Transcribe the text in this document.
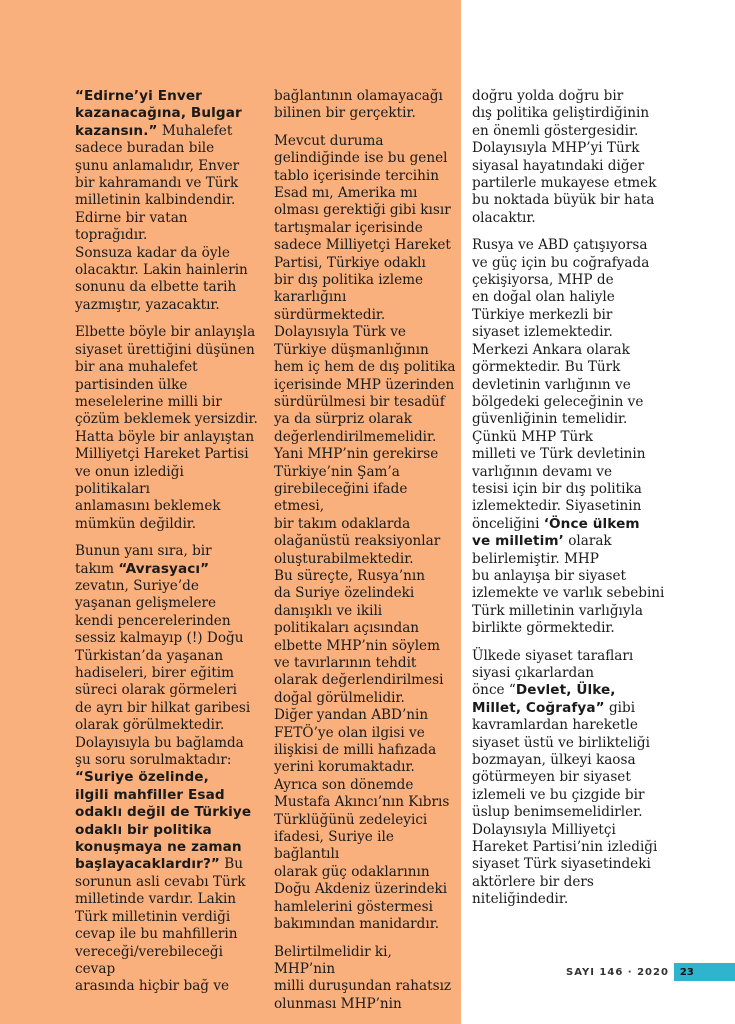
“Edirne’yi Enver
kazanacağına, Bulgar
kazansın.” Muhalefet
sadece buradan bile
şunu anlamalıdır, Enver
bir kahramandı ve Türk
milletinin kalbindendir.
Edirne bir vatan toprağıdır.
Sonsuza kadar da öyle
olacaktır. Lakin hainlerin
sonunu da elbette tarih
yazmıştır, yazacaktır.

Elbette böyle bir anlayışla
siyaset ürettiğini düşünen
bir ana muhalefet
partisinden ülke
meselelerine milli bir
çözüm beklemek yersizdir.
Hatta böyle bir anlayıştan
Milliyetçi Hareket Partisi
ve onun izlediği politikaları
anlamasını beklemek
mümkün değildir.

Bunun yanı sıra, bir
takım “Avrasyacı”
zevatın, Suriye’de
yaşanan gelişmelere
kendi pencerelerinden
sessiz kalmayıp (!) Doğu
Türkistan’da yaşanan
hadiseleri, birer eğitim
süreci olarak görmeleri
de ayrı bir hilkat garibesi
olarak görülmektedir.
Dolayısıyla bu bağlamda
şu soru sorulmaktadır:
“Suriye özelinde,
ilgili mahfiller Esad
odaklı değil de Türkiye
odaklı bir politika
konuşmaya ne zaman
başlayacaklardır?” Bu
sorunun asli cevabı Türk
milletinde vardır. Lakin
Türk milletinin verdiği
cevap ile bu mahfillerin
vereceği/verebileceği cevap
arasında hiçbir bağ ve

bağlantının olamayacağı
bilinen bir gerçektir.

Mevcut duruma
gelindiğinde ise bu genel
tablo içerisinde tercihin
Esad mı, Amerika mı
olması gerektiği gibi kısır
tartışmalar içerisinde
sadece Milliyetçi Hareket
Partisi, Türkiye odaklı
bir dış politika izleme
kararlığını sürdürmektedir.
Dolayısıyla Türk ve
Türkiye düşmanlığının
hem iç hem de dış politika
içerisinde MHP üzerinden
sürdürülmesi bir tesadüf
ya da sürpriz olarak
değerlendirilmemelidir.
Yani MHP’nin gerekirse
Türkiye’nin Şam’a
girebileceğini ifade etmesi,
bir takım odaklarda
olağanüstü reaksiyonlar
oluşturabilmektedir.
Bu süreçte, Rusya’nın
da Suriye özelindeki
danışıklı ve ikili
politikaları açısından
elbette MHP’nin söylem
ve tavırlarının tehdit
olarak değerlendirilmesi
doğal görülmelidir.
Diğer yandan ABD’nin
FETÖ’ye olan ilgisi ve
ilişkisi de milli hafızada
yerini korumaktadır.
Ayrıca son dönemde
Mustafa Akıncı’nın Kıbrıs
Türklüğünü zedeleyici
ifadesi, Suriye ile bağlantılı
olarak güç odaklarının
Doğu Akdeniz üzerindeki
hamlelerini göstermesi
bakımından manidardır.

Belirtilmelidir ki, MHP’nin
milli duruşundan rahatsız
olunması MHP’nin

doğru yolda doğru bir
dış politika geliştirdiğinin
en önemli göstergesidir.
Dolayısıyla MHP’yi Türk
siyasal hayatındaki diğer
partilerle mukayese etmek
bu noktada büyük bir hata
olacaktır.

Rusya ve ABD çatışıyorsa
ve güç için bu coğrafyada
çekişiyorsa, MHP de
en doğal olan haliyle
Türkiye merkezli bir
siyaset izlemektedir.
Merkezi Ankara olarak
görmektedir. Bu Türk
devletinin varlığının ve
bölgedeki geleceğinin ve
güvenliğinin temelidir.
Çünkü MHP Türk
milleti ve Türk devletinin
varlığının devamı ve
tesisi için bir dış politika
izlemektedir. Siyasetinin
önceliğini ‘Önce ülkem
ve milletim’ olarak
belirlemiştir. MHP
bu anlayışa bir siyaset
izlemekte ve varlık sebebini
Türk milletinin varlığıyla
birlikte görmektedir.

Ülkede siyaset tarafları
siyasi çıkarlardan
önce “Devlet, Ülke,
Millet, Coğrafya” gibi
kavramlardan hareketle
siyaset üstü ve birlikteliği
bozmayan, ülkeyi kaosa
götürmeyen bir siyaset
izlemeli ve bu çizgide bir
üslup benimsemelidirler.
Dolayısıyla Milliyetçi
Hareket Partisi’nin izlediği
siyaset Türk siyasetindeki
aktörlere bir ders
niteliğindedir.

SAYI 146 · 2020	23
